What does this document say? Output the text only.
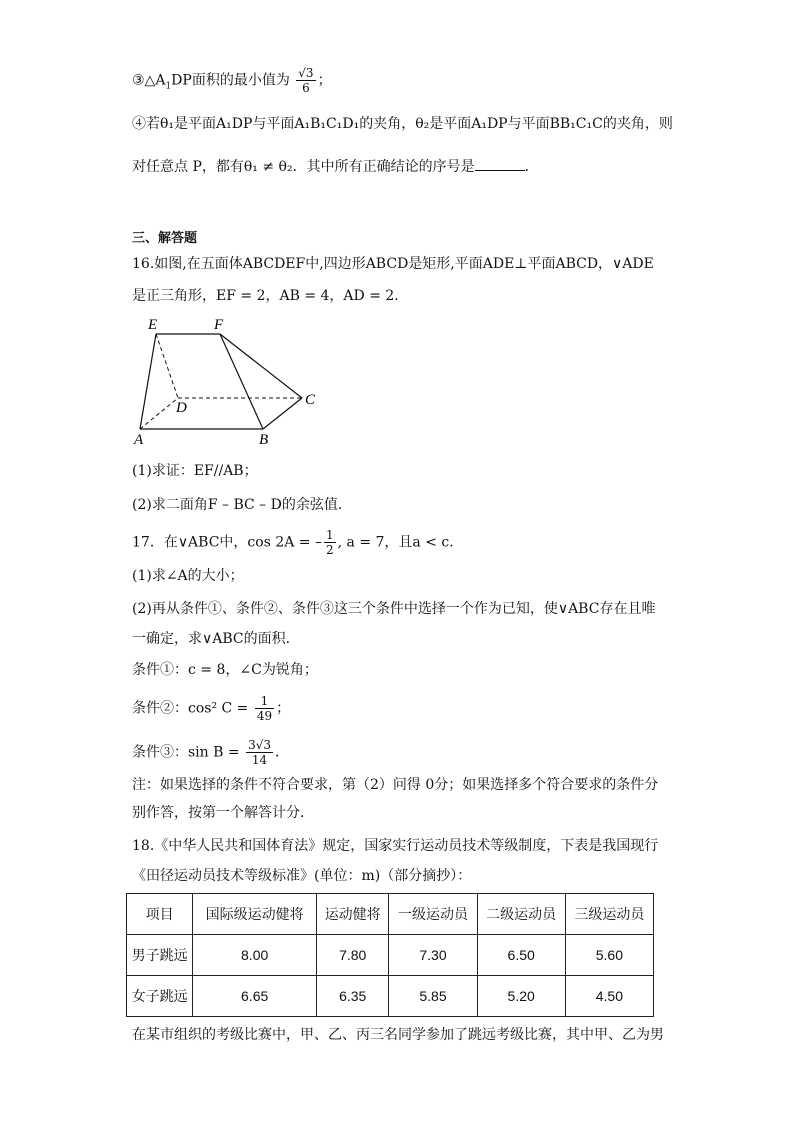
$③\triangle A_1DP$面积的最小值为 $\frac{√3}{6}$ ；
④若θ₁是平面A₁DP与平面A₁B₁C₁D₁的夹角，θ₂是平面A₁DP与平面BB₁C₁C的夹角，则
对任意点 P，都有θ₁ ≠ θ₂．其中所有正确结论的序号是	．
三、解答题
16.如图,在五面体ABCDEF中,四边形ABCD是矩形,平面ADE⊥平面ABCD，∨ADE
是正三角形，EF = 2，AB = 4，AD = 2．
E	F
D	C
A	B
(1)求证：EF//AB；
(2)求二面角F – BC – D的余弦值．
17．在∨ABC中，cos 2A = – $\frac{1}{2}$ , a = 7，且a < c．
(1)求∠A的大小；
(2)再从条件①、条件②、条件③这三个条件中选择一个作为已知，使∨ABC存在且唯
一确定，求∨ABC的面积．
条件①：c = 8，∠C为锐角；
条件②：cos² $C = \frac{1}{49}$ ；
条件③：$\sin B = \frac{3√3}{14}$ ．
注：如果选择的条件不符合要求，第（2）问得 0分；如果选择多个符合要求的条件分
别作答，按第一个解答计分．
18.《中华人民共和国体育法》规定，国家实行运动员技术等级制度，下表是我国现行
《田径运动员技术等级标准》(单位：m)（部分摘抄）：
项目	国际级运动健将	运动健将	一级运动员	二级运动员	三级运动员
男子跳远	8.00	7.80	7.30	6.50	5.60
女子跳远	6.65	6.35	5.85	5.20	4.50
在某市组织的考级比赛中，甲、乙、丙三名同学参加了跳远考级比赛，其中甲、乙为男
